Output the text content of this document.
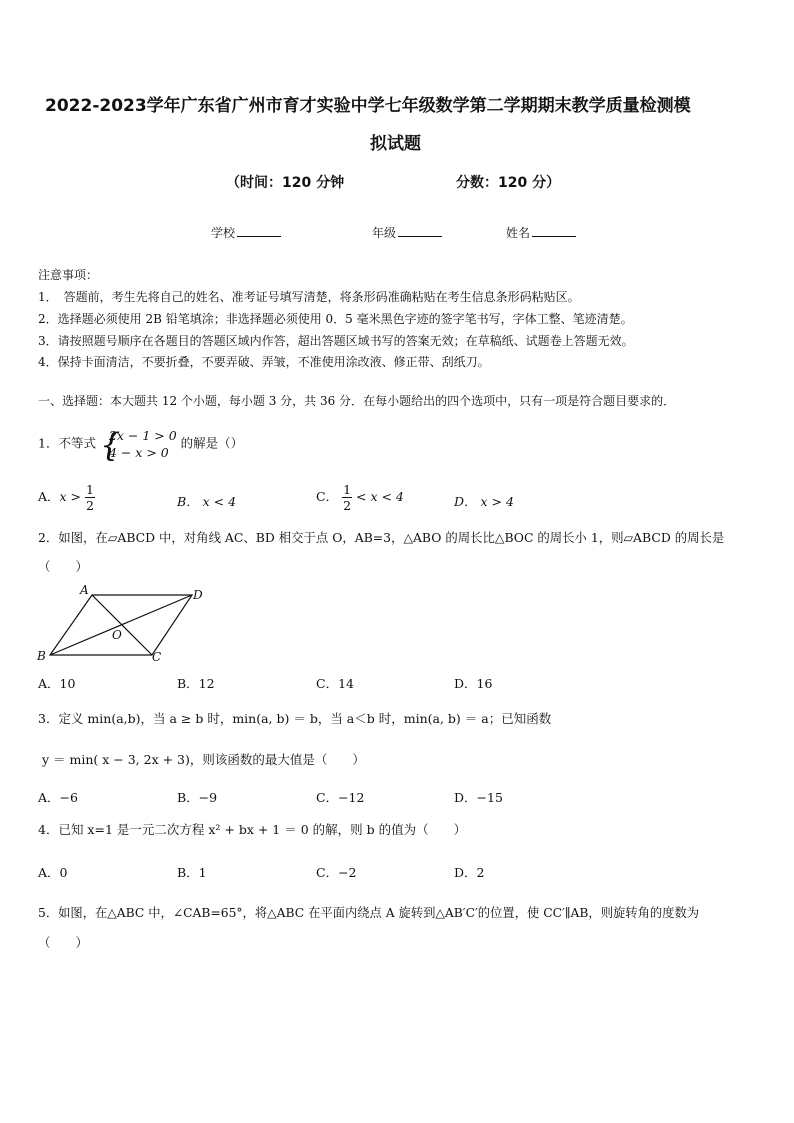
2022-2023学年广东省广州市育才实验中学七年级数学第二学期期末教学质量检测模
拟试题
（时间：120 分钟	分数：120 分）
学校	年级	姓名
注意事项：
1．　答题前，考生先将自己的姓名、准考证号填写清楚，将条形码准确粘贴在考生信息条形码粘贴区。
2．选择题必须使用 2B 铅笔填涂；非选择题必须使用 0．5 毫米黑色字迹的签字笔书写，字体工整、笔迹清楚。
3．请按照题号顺序在各题目的答题区域内作答，超出答题区域书写的答案无效；在草稿纸、试题卷上答题无效。
4．保持卡面清洁，不要折叠，不要弄破、弄皱，不准使用涂改液、修正带、刮纸刀。
一、选择题：本大题共 12 个小题，每小题 3 分，共 36 分．在每小题给出的四个选项中，只有一项是符合题目要求的．
1．不等式 {
2x − 1 > 0
4 − x > 0
的解是（）
A．$x > \frac{1}{2}$	B． x < 4	C． $\frac{1}{2} < x < 4$	D． x > 4
2．如图，在▱ABCD 中，对角线 AC、BD 相交于点 O，AB=3，△ABO 的周长比△BOC 的周长小 1，则▱ABCD 的周长是
（　　）
A	D
B	C
O
A．10	B．12	C．14	D．16
3．定义 min(a,b)，当 a ≥ b 时，min(a, b) ＝ b，当 a＜b 时，min(a, b) ＝ a；已知函数
y ＝ min( x − 3, 2x + 3)，则该函数的最大值是（　　）
A．−6	B．−9	C．−12	D．−15
4．已知 x=1 是一元二次方程 x² + bx + 1 ＝ 0 的解，则 b 的值为（　　）
A．0	B．1	C．−2	D．2
5．如图，在△ABC 中，∠CAB=65°，将△ABC 在平面内绕点 A 旋转到△AB′C′的位置，使 CC′∥AB，则旋转角的度数为
（　　）
